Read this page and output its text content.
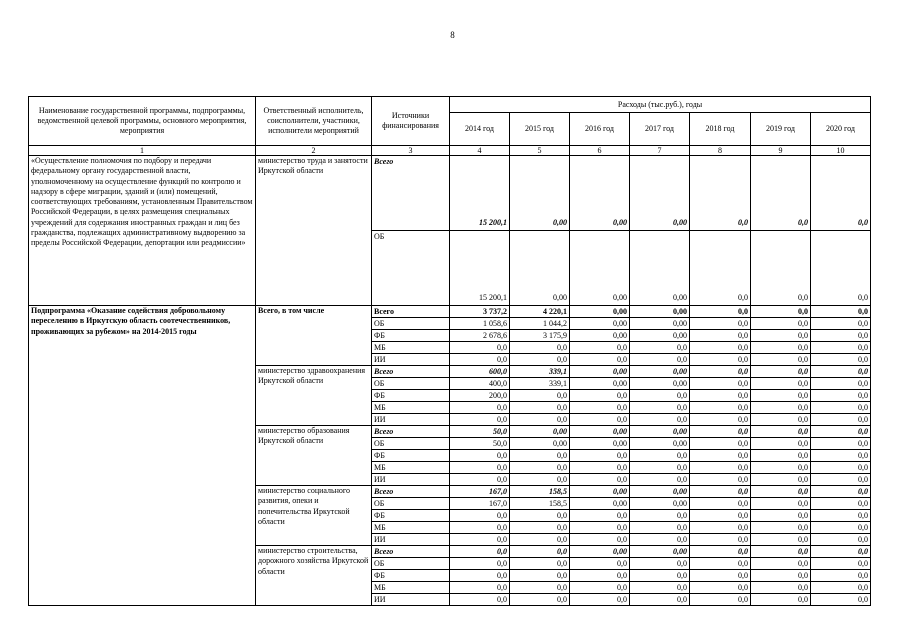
8
Наименование государственной программы, подпрограммы, ведомственной целевой программы, основного мероприятия, мероприятия	Ответственный исполнитель, соисполнители, участники, исполнители мероприятий	Источники финансирования	Расходы (тыс.руб.), годы						
			2014 год	2015 год	2016 год	2017 год	2018 год	2019 год	2020 год
1	2	3	4	5	6	7	8	9	10
«Осуществление полномочия по подбору и передачи федеральному органу государственной власти, уполномоченному на осуществление функций по контролю и надзору в сфере миграции, зданий и (или) помещений, соответствующих требованиям, установленным Правительством Российской Федерации, в целях размещения специальных учреждений для содержания иностранных граждан и лиц без гражданства, подлежащих административному выдворению за пределы Российской Федерации, депортации или реадмиссии»	министерство труда и занятости Иркутской области	Всего	15 200,1	0,00	0,00	0,00	0,0	0,0	0,0
		ОБ	15 200,1	0,00	0,00	0,00	0,0	0,0	0,0
Подпрограмма «Оказание содействия добровольному переселению в Иркутскую область соотечественников, проживающих за рубежом» на 2014-2015 годы	Всего, в том числе	Всего	3 737,2	4 220,1	0,00	0,00	0,0	0,0	0,0
		ОБ	1 058,6	1 044,2	0,00	0,00	0,0	0,0	0,0
		ФБ	2 678,6	3 175,9	0,00	0,00	0,0	0,0	0,0
		МБ	0,0	0,0	0,0	0,0	0,0	0,0	0,0
		ИИ	0,0	0,0	0,0	0,0	0,0	0,0	0,0
	министерство здравоохранения Иркутской области	Всего	600,0	339,1	0,00	0,00	0,0	0,0	0,0
		ОБ	400,0	339,1	0,00	0,00	0,0	0,0	0,0
		ФБ	200,0	0,0	0,0	0,0	0,0	0,0	0,0
		МБ	0,0	0,0	0,0	0,0	0,0	0,0	0,0
		ИИ	0,0	0,0	0,0	0,0	0,0	0,0	0,0
	министерство образования Иркутской области	Всего	50,0	0,00	0,00	0,00	0,0	0,0	0,0
		ОБ	50,0	0,00	0,00	0,00	0,0	0,0	0,0
		ФБ	0,0	0,0	0,0	0,0	0,0	0,0	0,0
		МБ	0,0	0,0	0,0	0,0	0,0	0,0	0,0
		ИИ	0,0	0,0	0,0	0,0	0,0	0,0	0,0
	министерство социального развития, опеки и попечительства Иркутской области	Всего	167,0	158,5	0,00	0,00	0,0	0,0	0,0
		ОБ	167,0	158,5	0,00	0,00	0,0	0,0	0,0
		ФБ	0,0	0,0	0,0	0,0	0,0	0,0	0,0
		МБ	0,0	0,0	0,0	0,0	0,0	0,0	0,0
		ИИ	0,0	0,0	0,0	0,0	0,0	0,0	0,0
	министерство строительства, дорожного хозяйства Иркутской области	Всего	0,0	0,0	0,00	0,00	0,0	0,0	0,0
		ОБ	0,0	0,0	0,0	0,0	0,0	0,0	0,0
		ФБ	0,0	0,0	0,0	0,0	0,0	0,0	0,0
		МБ	0,0	0,0	0,0	0,0	0,0	0,0	0,0
		ИИ	0,0	0,0	0,0	0,0	0,0	0,0	0,0
